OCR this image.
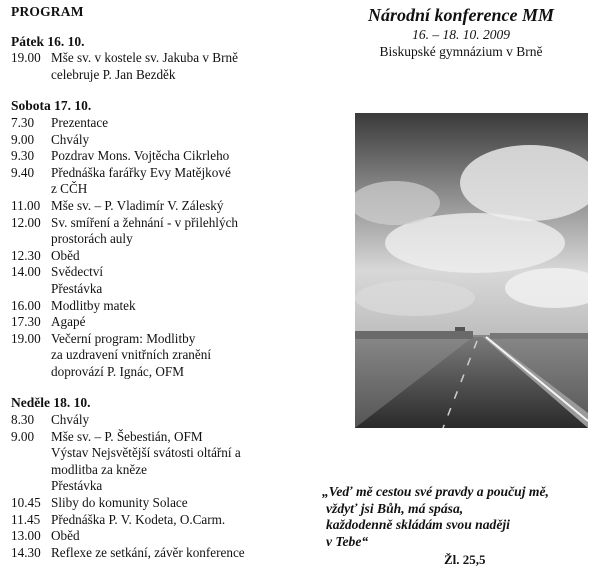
PROGRAM
Pátek 16. 10.
19.00 Mše sv. v kostele sv. Jakuba v Brně
celebruje P. Jan Bezděk
Sobota 17. 10.
7.30	Prezentace
9.00	Chvály
9.30	Pozdrav Mons. Vojtěcha Cikrleho
9.40	Přednáška farářky Evy Matějkové
z CČH
11.00 Mše sv. – P. Vladimír V. Záleský
12.00 Sv. smíření a žehnání - v přilehlých
prostorách auly
12.30 Oběd
14.00 Svědectví
Přestávka
16.00 Modlitby matek
17.30 Agapé
19.00 Večerní program: Modlitby
za uzdravení vnitřních zranění
doprovází P. Ignác, OFM
Neděle 18. 10.
8.30	Chvály
9.00	Mše sv. – P. Šebestián, OFM
Výstav Nejsvětější svátosti oltářní a
modlitba za kněze
Přestávka
10.45 Sliby do komunity Solace
11.45 Přednáška P. V. Kodeta, O.Carm.
13.00 Oběd
14.30 Reflexe ze setkání, závěr konference
Národní konference MM
16. – 18. 10. 2009
Biskupské gymnázium v Brně
„Veď mě cestou své pravdy a poučuj mě,
vždyť jsi Bůh, má spása,
každodenně skládám svou naději
v Tebe“
Žl. 25,5
